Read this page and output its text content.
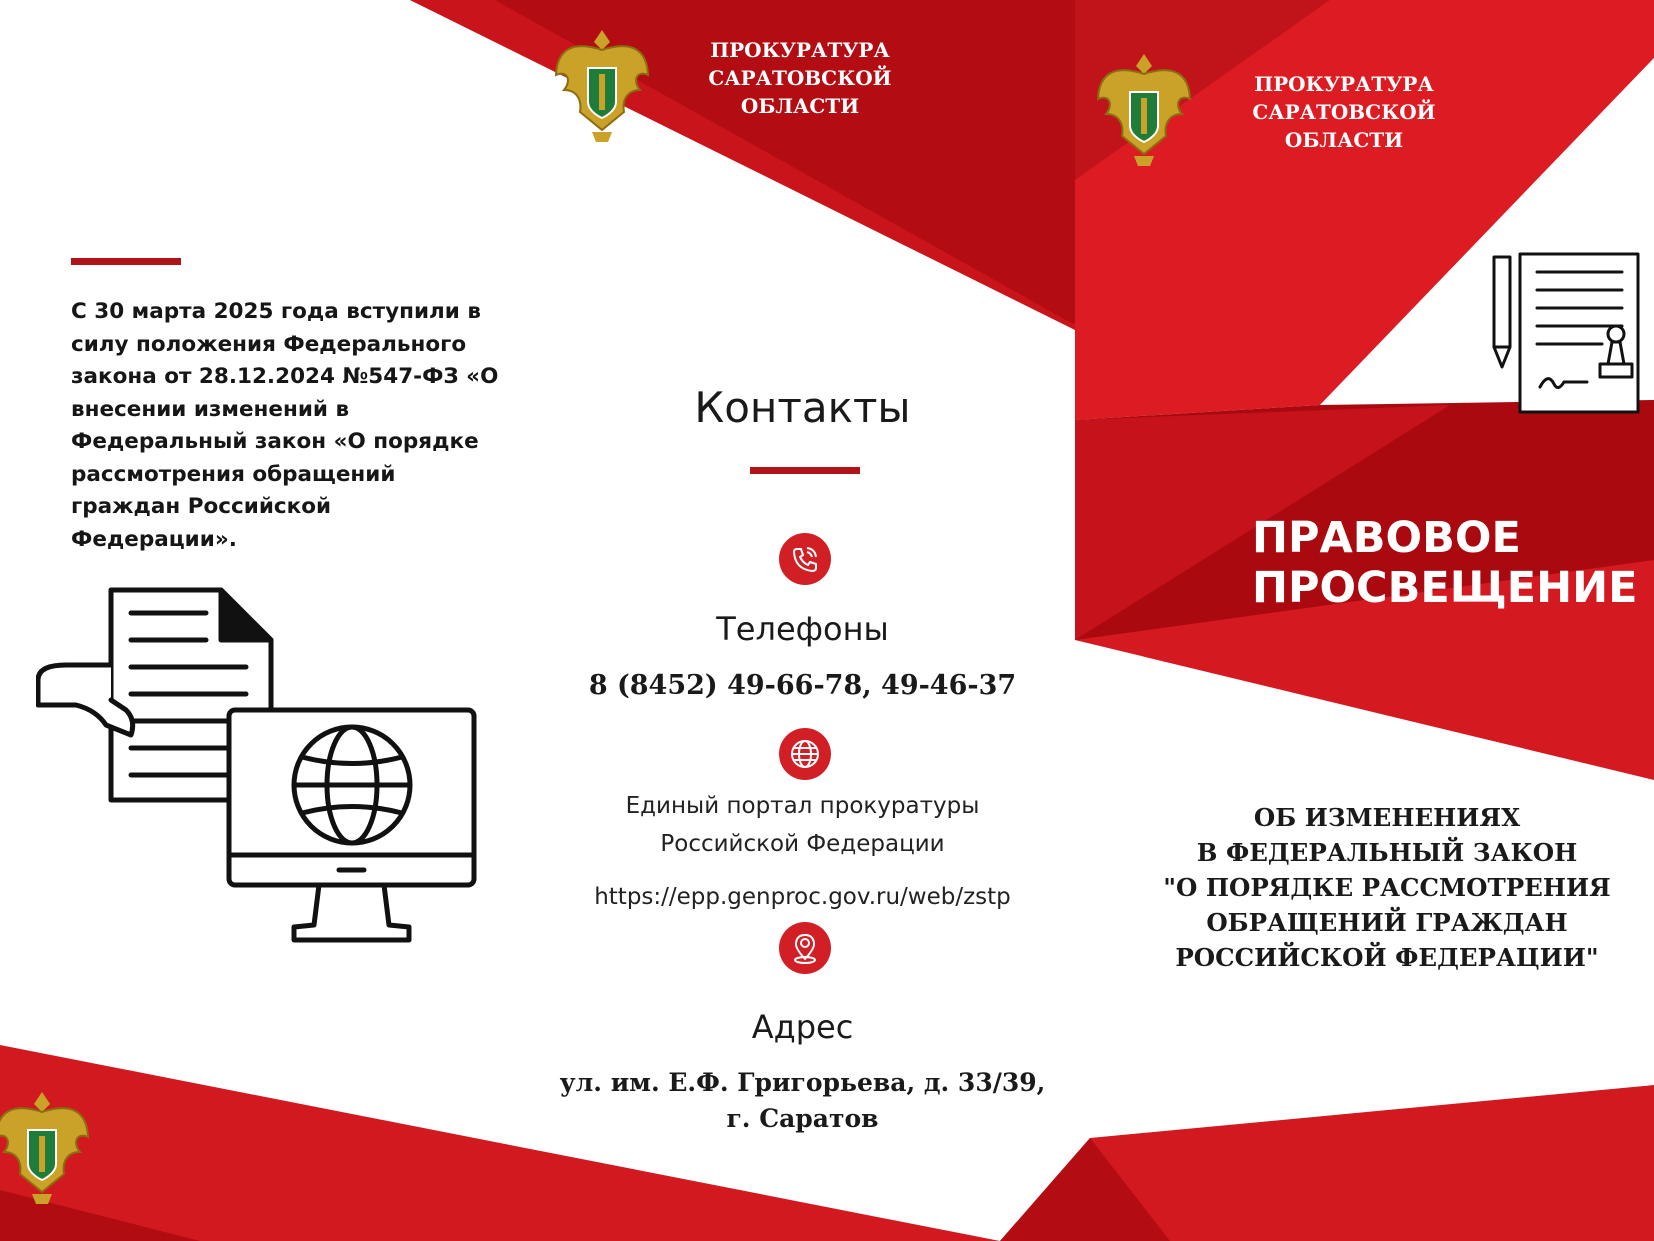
ПРОКУРАТУРА
САРАТОВСКОЙ
ОБЛАСТИ
ПРОКУРАТУРА
САРАТОВСКОЙ
ОБЛАСТИ
С 30 марта 2025 года вступили в
силу положения Федерального
закона от 28.12.2024 №547-ФЗ «О
внесении изменений в
Федеральный закон «О порядке
рассмотрения обращений
граждан Российской
Федерации».
Контакты
Телефоны
8 (8452) 49-66-78, 49-46-37
Единый портал прокуратуры
Российской Федерации
https://epp.genproc.gov.ru/web/zstp
Адрес
ул. им. Е.Ф. Григорьева, д. 33/39,
г. Саратов
ПРАВОВОЕ
ПРОСВЕЩЕНИЕ
ОБ ИЗМЕНЕНИЯХ
В ФЕДЕРАЛЬНЫЙ ЗАКОН
"О ПОРЯДКЕ РАССМОТРЕНИЯ
ОБРАЩЕНИЙ ГРАЖДАН
РОССИЙСКОЙ ФЕДЕРАЦИИ"
